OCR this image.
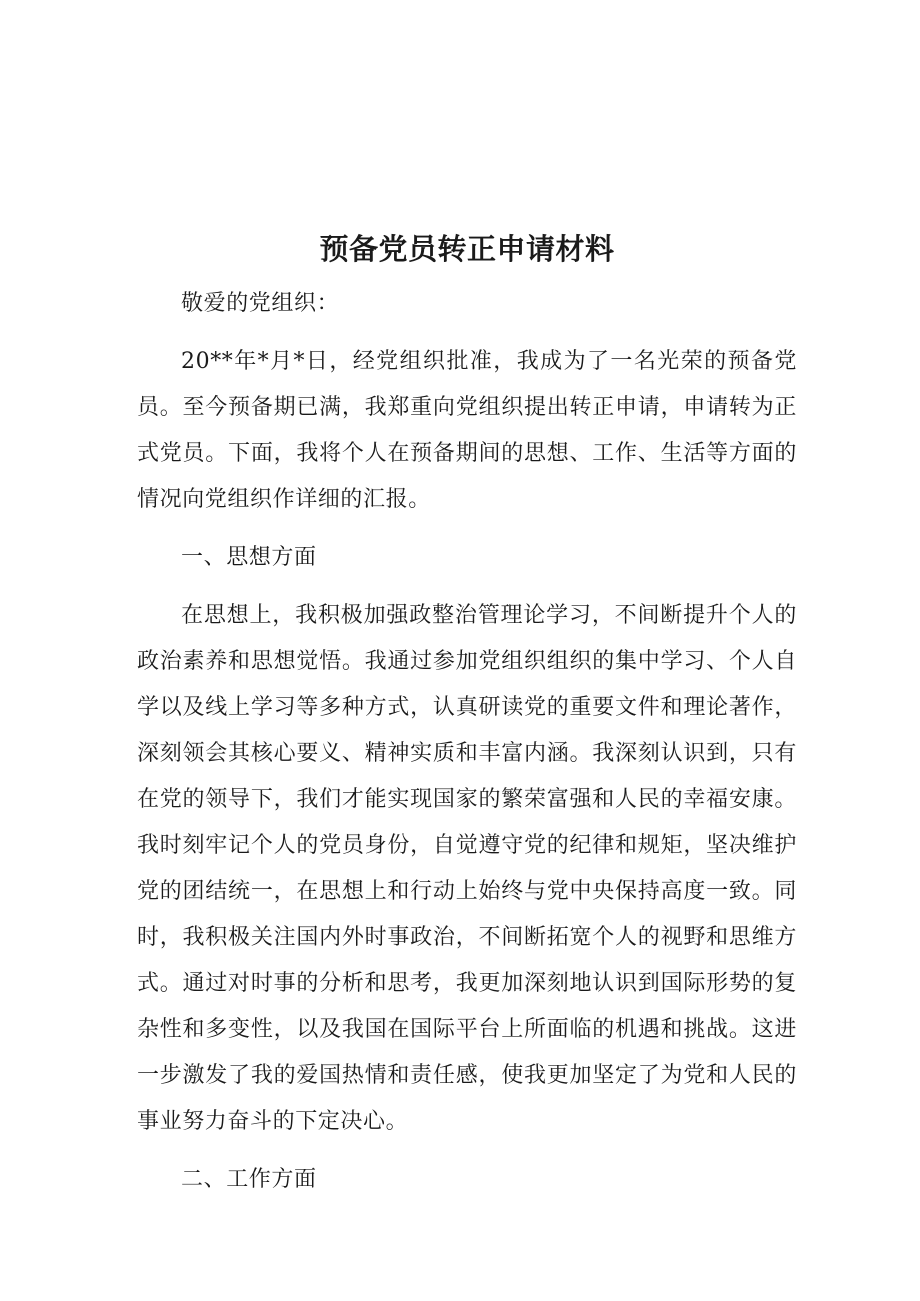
预备党员转正申请材料

敬爱的党组织：

20**年*月*日，经党组织批准，我成为了一名光荣的预备党员。至今预备期已满，我郑重向党组织提出转正申请，申请转为正式党员。下面，我将个人在预备期间的思想、工作、生活等方面的情况向党组织作详细的汇报。

一、思想方面

在思想上，我积极加强政整治管理论学习，不间断提升个人的政治素养和思想觉悟。我通过参加党组织组织的集中学习、个人自学以及线上学习等多种方式，认真研读党的重要文件和理论著作，深刻领会其核心要义、精神实质和丰富内涵。我深刻认识到，只有在党的领导下，我们才能实现国家的繁荣富强和人民的幸福安康。我时刻牢记个人的党员身份，自觉遵守党的纪律和规矩，坚决维护党的团结统一，在思想上和行动上始终与党中央保持高度一致。同时，我积极关注国内外时事政治，不间断拓宽个人的视野和思维方式。通过对时事的分析和思考，我更加深刻地认识到国际形势的复杂性和多变性，以及我国在国际平台上所面临的机遇和挑战。这进一步激发了我的爱国热情和责任感，使我更加坚定了为党和人民的事业努力奋斗的下定决心。

二、工作方面
